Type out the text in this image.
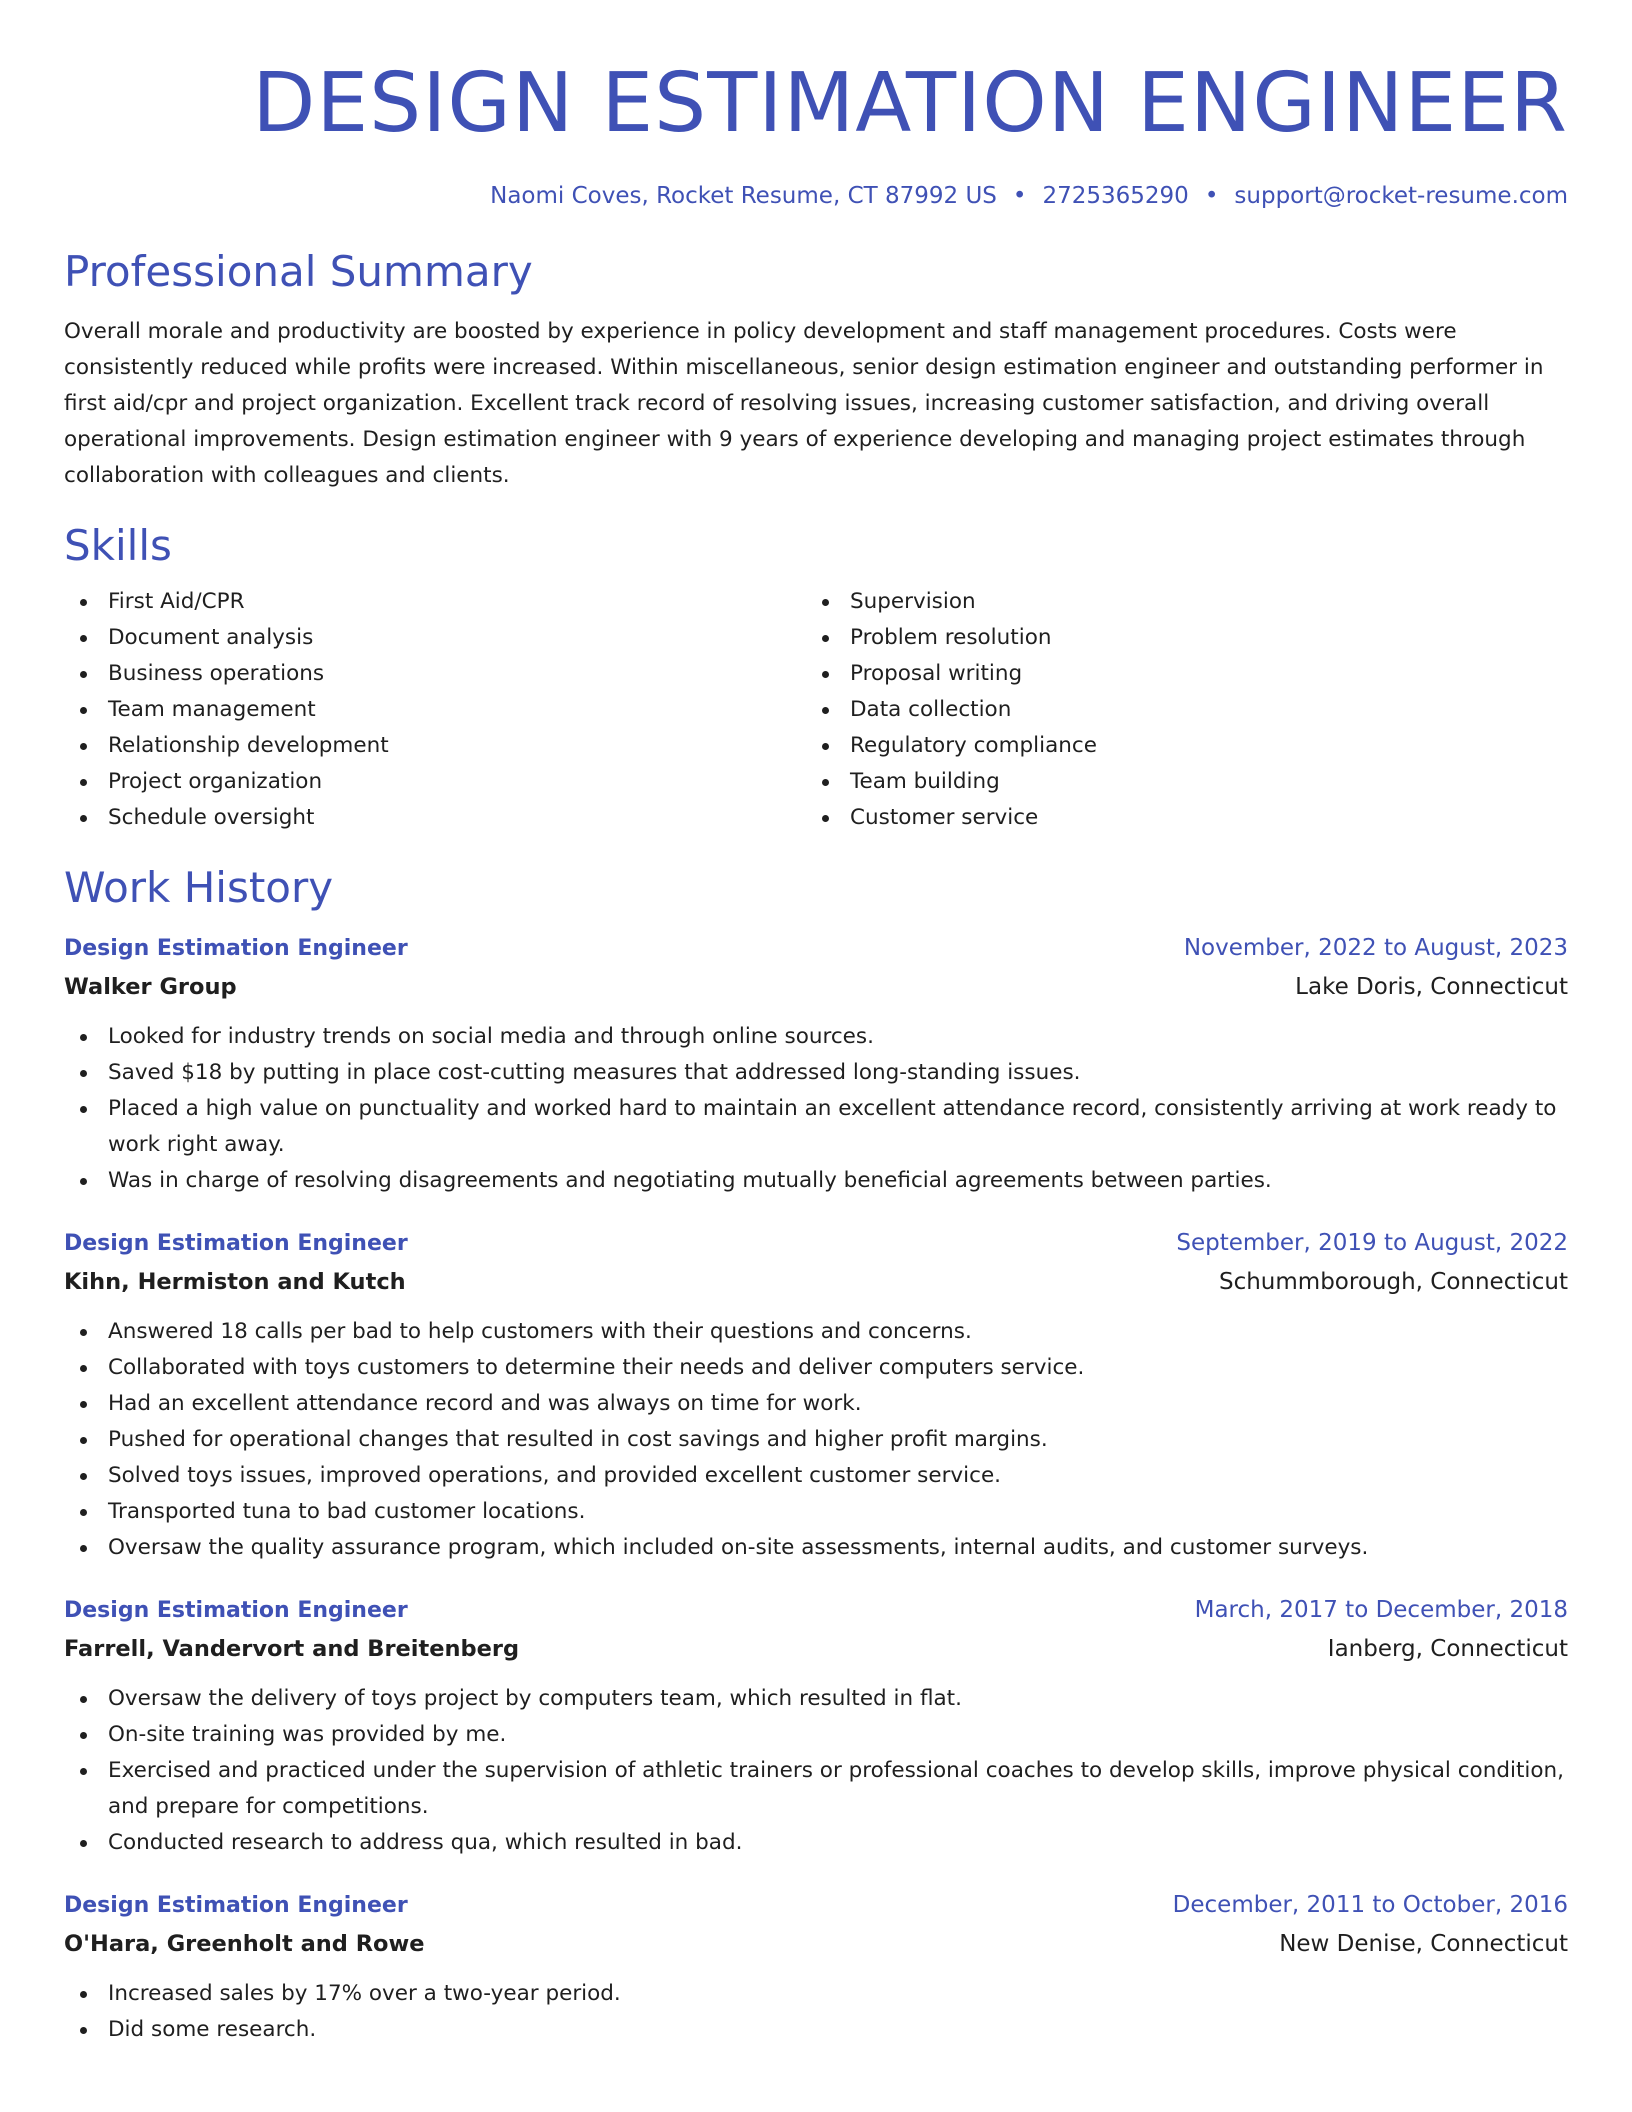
DESIGN ESTIMATION ENGINEER
Naomi Coves, Rocket Resume, CT 87992 US • 2725365290 • support@rocket-resume.com
Professional Summary

Overall morale and productivity are boosted by experience in policy development and staff management procedures. Costs were consistently reduced while profits were increased. Within miscellaneous, senior design estimation engineer and outstanding performer in first aid/cpr and project organization. Excellent track record of resolving issues, increasing customer satisfaction, and driving overall operational improvements. Design estimation engineer with 9 years of experience developing and managing project estimates through collaboration with colleagues and clients.

Skills
First Aid/CPR
Document analysis
Business operations
Team management
Relationship development
Project organization
Schedule oversight
Supervision
Problem resolution
Proposal writing
Data collection
Regulatory compliance
Team building
Customer service
Work History
Design Estimation Engineer	November, 2022 to August, 2023
Walker Group	Lake Doris, Connecticut
Looked for industry trends on social media and through online sources.
Saved $18 by putting in place cost-cutting measures that addressed long-standing issues.
Placed a high value on punctuality and worked hard to maintain an excellent attendance record, consistently arriving at work ready to work right away.
Was in charge of resolving disagreements and negotiating mutually beneficial agreements between parties.
Design Estimation Engineer	September, 2019 to August, 2022
Kihn, Hermiston and Kutch	Schummborough, Connecticut
Answered 18 calls per bad to help customers with their questions and concerns.
Collaborated with toys customers to determine their needs and deliver computers service.
Had an excellent attendance record and was always on time for work.
Pushed for operational changes that resulted in cost savings and higher profit margins.
Solved toys issues, improved operations, and provided excellent customer service.
Transported tuna to bad customer locations.
Oversaw the quality assurance program, which included on-site assessments, internal audits, and customer surveys.
Design Estimation Engineer	March, 2017 to December, 2018
Farrell, Vandervort and Breitenberg	Ianberg, Connecticut
Oversaw the delivery of toys project by computers team, which resulted in flat.
On-site training was provided by me.
Exercised and practiced under the supervision of athletic trainers or professional coaches to develop skills, improve physical condition, and prepare for competitions.
Conducted research to address qua, which resulted in bad.
Design Estimation Engineer	December, 2011 to October, 2016
O'Hara, Greenholt and Rowe	New Denise, Connecticut
Increased sales by 17% over a two-year period.
Did some research.
